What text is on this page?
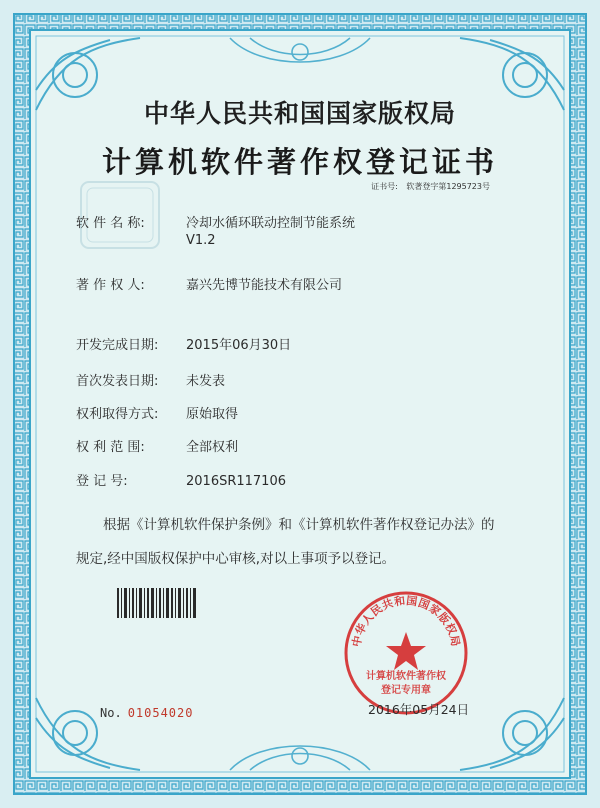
中华人民共和国国家版权局
计算机软件著作权登记证书
证书号: 软著登字第1295723号
软 件 名 称:	冷却水循环联动控制节能系统
V1.2
著 作 权 人:	嘉兴先博节能技术有限公司
开发完成日期: 2015年06月30日
首次发表日期: 未发表
权利取得方式: 原始取得
权 利 范 围:	全部权利
登 记 号:	2016SR117106
根据《计算机软件保护条例》和《计算机软件著作权登记办法》的
规定,经中国版权保护中心审核,对以上事项予以登记。
No. 01054020
中华人民共和国国家版权局
计算机软件著作权
登记专用章
2016年05月24日
